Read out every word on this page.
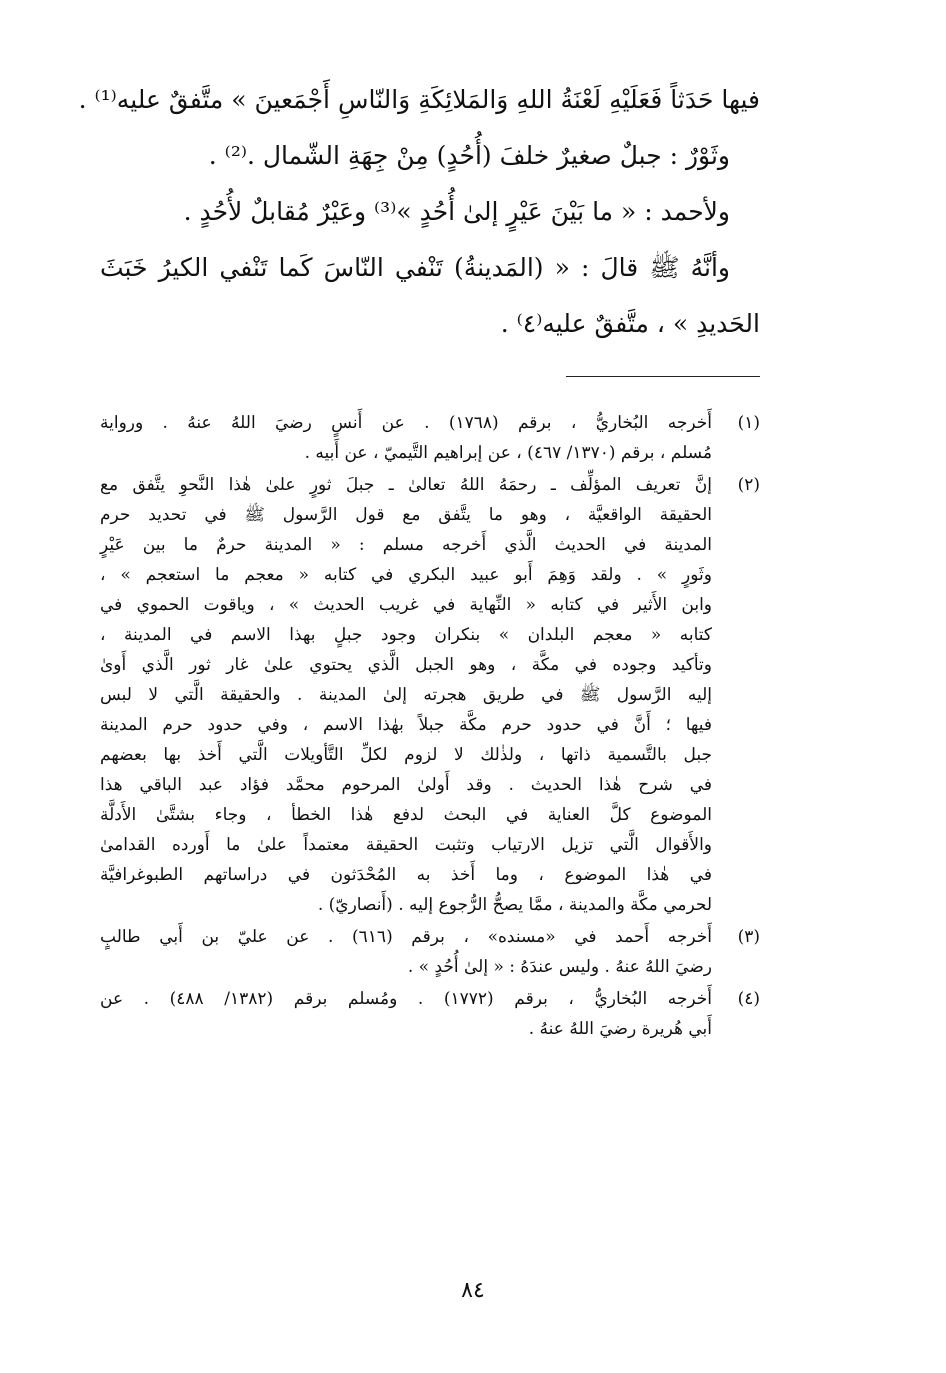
فيها حَدَثاً فَعَلَيْهِ لَعْنَةُ اللهِ وَالمَلائِكَةِ وَالنّاسِ أَجْمَعينَ » متَّفقٌ عليه⁽¹⁾ .
وثَوْرٌ : جبلٌ صغيرٌ خلفَ (أُحُدٍ) مِنْ جِهَةِ الشّمال .⁽²⁾ .
ولأحمد : « ما بَيْنَ عَيْرٍ إلىٰ أُحُدٍ »⁽³⁾ وعَيْرٌ مُقابلٌ لأُحُدٍ .
وأنَّهُ ﷺ قالَ : « (المَدينةُ) تَنْفي النّاسَ كَما تَنْفي الكيرُ خَبَثَ
الحَديدِ » ، متَّفقٌ عليه⁽٤⁾ .
(١)
أَخرجه البُخاريُّ ، برقم (١٧٦٨) . عن أَنسٍ رضيَ اللهُ عنهُ . ورواية
مُسلم ، برقم (١٣٧٠/ ٤٦٧) ، عن إبراهيم التَّيميّ ، عن أَبيه .
(٢)
إنَّ تعريف المؤلِّف ـ رحمَهُ اللهُ تعالىٰ ـ جبلَ ثورٍ علىٰ هٰذا النَّحوِ يتَّفق مع
الحقيقة الواقعيَّة ، وهو ما يتَّفق مع قول الرَّسول ﷺ في تحديد حرم
المدينة في الحديث الَّذي أَخرجه مسلم : « المدينة حرمٌ ما بين عَيْرٍ
وثَورٍ » . ولقد وَهِمَ أَبو عبيد البكري في كتابه « معجم ما استعجم » ،
وابن الأَثير في كتابه « النِّهاية في غريب الحديث » ، وياقوت الحموي في
كتابه « معجم البلدان » بنكران وجود جبلٍ بهذا الاسم في المدينة ،
وتأكيد وجوده في مكَّة ، وهو الجبل الَّذي يحتوي علىٰ غار ثور الَّذي أَوىٰ
إليه الرَّسول ﷺ في طريق هجرته إلىٰ المدينة . والحقيقة الَّتي لا لبس
فيها ؛ أَنَّ في حدود حرم مكَّة جبلاً بهٰذا الاسم ، وفي حدود حرم المدينة
جبل بالتَّسمية ذاتها ، ولذٰلك لا لزوم لكلِّ التَّأويلات الَّتي أَخذ بها بعضهم
في شرح هٰذا الحديث . وقد أَولىٰ المرحوم محمَّد فؤاد عبد الباقي هذا
الموضوع كلَّ العناية في البحث لدفع هٰذا الخطأ ، وجاء بشتَّىٰ الأَدلَّة
والأَقوال الَّتي تزيل الارتياب وتثبت الحقيقة معتمداً علىٰ ما أَورده القدامىٰ
في هٰذا الموضوع ، وما أَخذ به المُحْدَثون في دراساتهم الطبوغرافيَّة
لحرمي مكَّة والمدينة ، ممَّا يصحُّ الرُّجوع إليه . (أَنصاريّ) .
(٣)
أَخرجه أَحمد في «مسنده» ، برقم (٦١٦) . عن عليّ بن أَبي طالبٍ
رضيَ اللهُ عنهُ . وليس عندَهُ : « إلىٰ أُحُدٍ » .
(٤)
أَخرجه البُخاريُّ ، برقم (١٧٧٢) . ومُسلم برقم (١٣٨٢/ ٤٨٨) . عن
أَبي هُريرة رضيَ اللهُ عنهُ .
٨٤
